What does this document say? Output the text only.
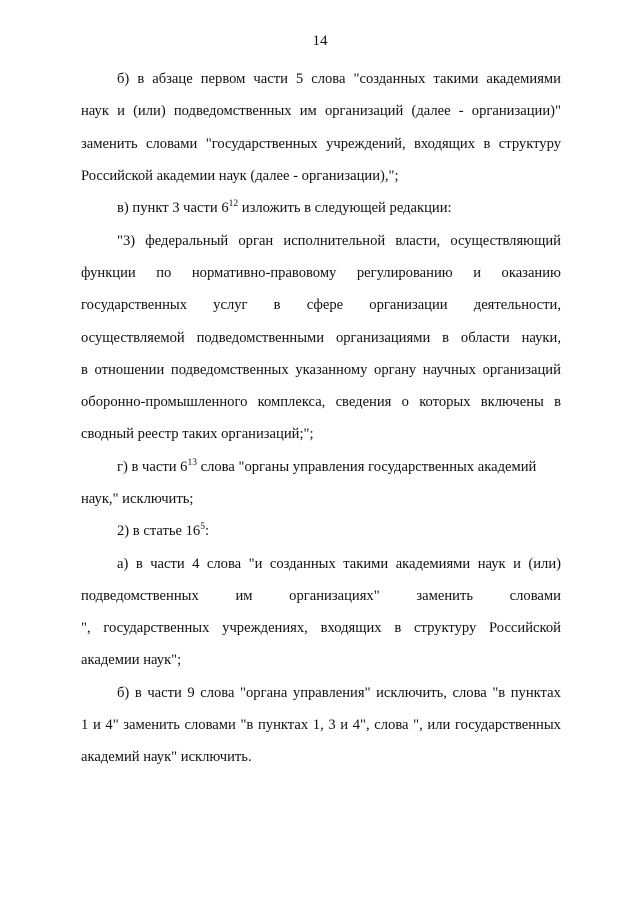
14
б) в абзаце первом части 5 слова "созданных такими академиями
наук и (или) подведомственных им организаций (далее - организации)"
заменить словами "государственных учреждений, входящих в структуру
Российской академии наук (далее - организации),";
в) пункт 3 части $6^{12}$ изложить в следующей редакции:
"3) федеральный орган исполнительной власти, осуществляющий
функции по нормативно-правовому регулированию и оказанию
государственных услуг в сфере организации деятельности,
осуществляемой подведомственными организациями в области науки,
в отношении подведомственных указанному органу научных организаций
оборонно-промышленного комплекса, сведения о которых включены в
сводный реестр таких организаций;";
г) в части $6^{13}$ слова "органы управления государственных академий
наук," исключить;
2) в статье $16^5$:
а) в части 4 слова "и созданных такими академиями наук и (или)
подведомственных	им	организациях"	заменить	словами
", государственных учреждениях, входящих в структуру Российской
академии наук";
б) в части 9 слова "органа управления" исключить, слова "в пунктах
1 и 4" заменить словами "в пунктах 1, 3 и 4", слова ", или государственных
академий наук" исключить.
